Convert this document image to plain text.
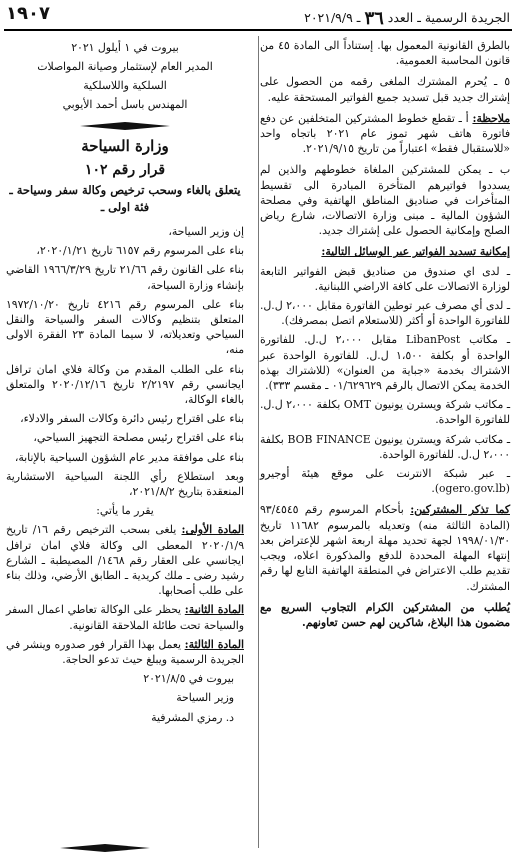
١٩٠٧	الجريدة الرسمية ـ العدد ٣٦ ـ ٢٠٢١/٩/٩

بالطرق القانونية المعمول بها. إستناداً الى المادة ٤٥ من قانون المحاسبة العمومية.

٥ ـ يُحرم المشترك الملغى رقمه من الحصول على إشتراك جديد قبل تسديد جميع الفواتير المستحقة عليه.

ملاحظة: أ ـ تقطع خطوط المشتركين المتخلفين عن دفع فاتورة هاتف شهر تموز عام ٢٠٢١ باتجاه واحد «للاستقبال فقط» اعتباراً من تاريخ ٢٠٢١/٩/١٥.

ب ـ يمكن للمشتركين الملغاة خطوطهم والذين لم يسددوا فواتيرهم المتأخرة المبادرة الى تقسيط المتأخرات في صناديق المناطق الهاتفية وفي مصلحة الشؤون المالية ـ مبنى وزارة الاتصالات، شارع رياض الصلح وإمكانية الحصول على إشتراك جديد.

إمكانية تسديد الفواتير عبر الوسائل التالية:

ـ لدى اي صندوق من صناديق قبض الفواتير التابعة لوزارة الاتصالات على كافة الاراضي اللبنانية.

ـ لدى أي مصرف عبر توطين الفاتورة مقابل ٢،٠٠٠ ل.ل. للفاتورة الواحدة أو أكثر (للاستعلام اتصل بمصرفك).

ـ مكاتب LibanPost مقابل ٢،٠٠٠ ل.ل. للفاتورة الواحدة أو بكلفة ١،٥٠٠ ل.ل. للفاتورة الواحدة عبر الاشتراك بخدمة «جباية من العنوان» (للاشتراك بهذه الخدمة يمكن الاتصال بالرقم ٠١/٦٢٩٦٢٩ ـ مقسم ٣٣٣).

ـ مكاتب شركة ويسترن يونيون OMT بكلفة ٢،٠٠٠ ل.ل. للفاتورة الواحدة.

ـ مكاتب شركة ويسترن يونيون BOB FINANCE بكلفة ٢،٠٠٠ ل.ل. للفاتورة الواحدة.

ـ عبر شبكة الانترنت على موقع هيئة أوجيرو (ogero.gov.lb).

كما تذكر المشتركين: بأحكام المرسوم رقم ٩٣/٤٥٤٥ (المادة الثالثة منه) وتعديله بالمرسوم ١١٦٨٢ تاريخ ١٩٩٨/٠١/٣٠ لجهة تحديد مهلة اربعة اشهر للإعتراض بعد إنتهاء المهلة المحددة للدفع والمذكورة اعلاه، ويجب تقديم طلب الاعتراض في المنطقة الهاتفية التابع لها رقم المشترك.

يُطلب من المشتركين الكرام التجاوب السريع مع مضمون هذا البلاغ، شاكرين لهم حسن تعاونهم.

بيروت في ١ أيلول ٢٠٢١

المدير العام لإستثمار وصيانة المواصلات

السلكية واللاسلكية

المهندس باسل أحمد الأيوبي

وزارة السياحة
قرار رقم ١٠٢
يتعلق بالغاء وسحب ترخيص وكالة سفر وسياحة ـ فئة اولى ـ

إن وزير السياحة،

بناء على المرسوم رقم ٦١٥٧ تاريخ ٢٠٢٠/١/٢١،

بناء على القانون رقم ٢١/٦٦ تاريخ ١٩٦٦/٣/٢٩ القاضي بإنشاء وزارة السياحة،

بناء على المرسوم رقم ٤٢١٦ تاريخ ١٩٧٢/١٠/٢٠ المتعلق بتنظيم وكالات السفر والسياحة والنقل السياحي وتعديلاته، لا سيما المادة ٢٣ الفقرة الاولى منه،

بناء على الطلب المقدم من وكالة فلاي امان ترافل ايجانسي رقم ٢/٢١٩٧ تاريخ ٢٠٢٠/١٢/١٦ والمتعلق بالغاء الوكالة،

بناء على اقتراح رئيس دائرة وكالات السفر والادلاء،

بناء على اقتراح رئيس مصلحة التجهيز السياحي،

بناء على موافقة مدير عام الشؤون السياحية بالإنابة،

وبعد استطلاع رأي اللجنة السياحية الاستشارية المنعقدة بتاريخ ٢٠٢١/٨/٢،

يقرر ما يأتي:

المادة الأولى: يلغى بسحب الترخيص رقم ١٦/ تاريخ ٢٠٢٠/١/٩ المعطى الى وكالة فلاي امان ترافل ايجانسي على العقار رقم ١٤٦٨/ المصيطبة ـ الشارع رشيد رضى ـ ملك كريدية ـ الطابق الأرضي، وذلك بناء على طلب أصحابها.

المادة الثانية: يحظر على الوكالة تعاطي اعمال السفر والسياحة تحت طائلة الملاحقة القانونية.

المادة الثالثة: يعمل بهذا القرار فور صدوره وينشر في الجريدة الرسمية ويبلغ حيث تدعو الحاجة.

بيروت في ٢٠٢١/٨/٥

وزير السياحة

د. رمزي المشرفية
